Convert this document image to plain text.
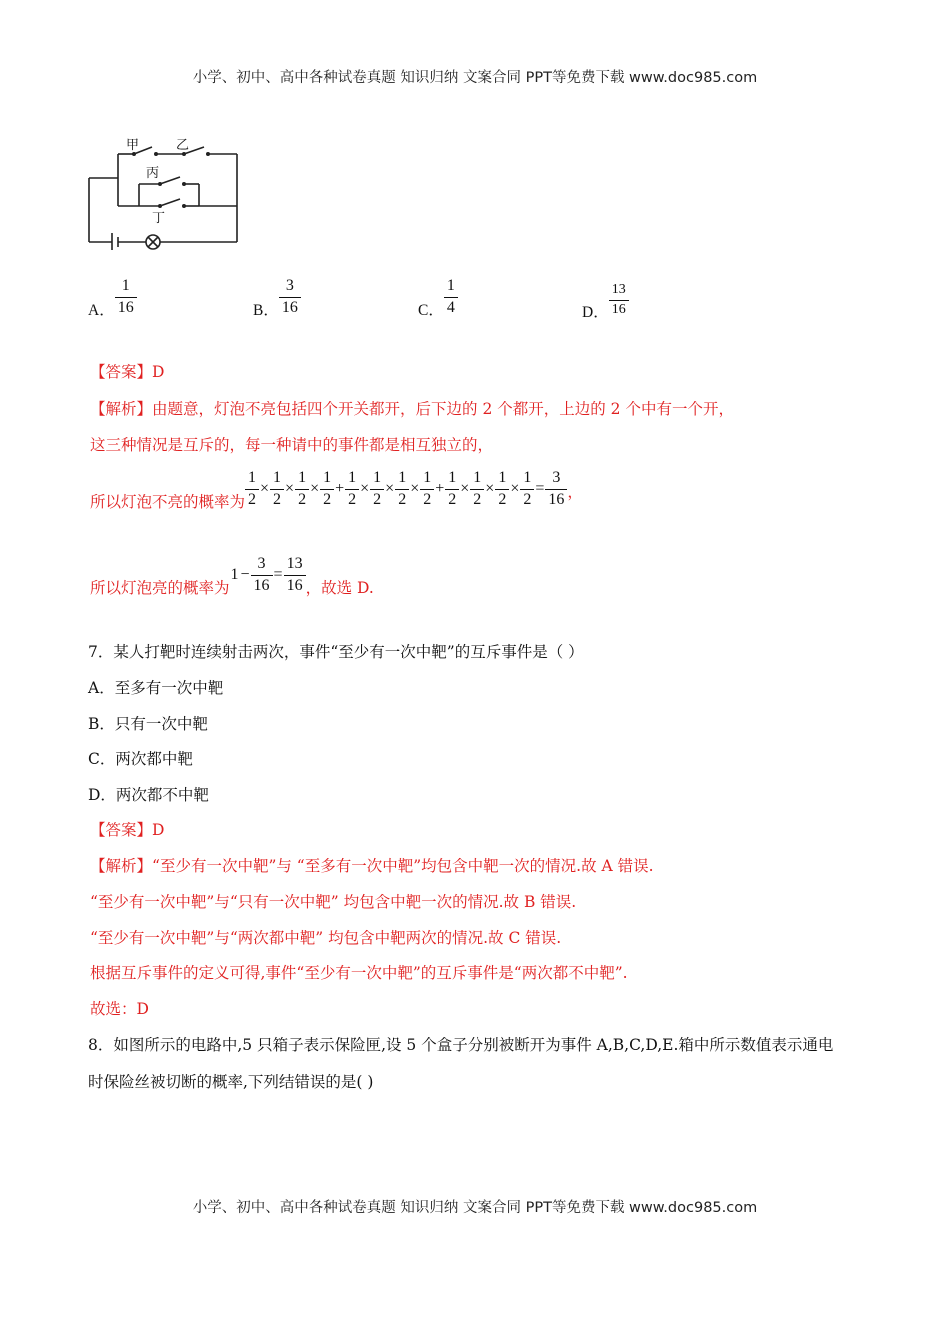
小学、初中、高中各种试卷真题 知识归纳 文案合同 PPT等免费下载 www.doc985.com
甲	乙
丙
丁
A． $\frac{1}{16}$	B． $\frac{3}{16}$	C． $\frac{1}{4}$	D． $\frac{13}{16}$
【答案】D
【解析】由题意，灯泡不亮包括四个开关都开，后下边的 2 个都开，上边的 2 个中有一个开，
这三种情况是互斥的，每一种请中的事件都是相互独立的，
所以灯泡不亮的概率为 $\frac{1}{2} \times \frac{1}{2} \times \frac{1}{2} \times \frac{1}{2} + \frac{1}{2} \times \frac{1}{2} \times \frac{1}{2} \times \frac{1}{2} + \frac{1}{2} \times \frac{1}{2} \times \frac{1}{2} \times \frac{1}{2} = \frac{3}{16}$ ，
所以灯泡亮的概率为
$1 - \frac{3}{16} = \frac{13}{16}$ ，故选 D.
7．某人打靶时连续射击两次，事件“至少有一次中靶”的互斥事件是（ ）
A．至多有一次中靶
B．只有一次中靶
C．两次都中靶
D．两次都不中靶
【答案】D
【解析】“至少有一次中靶”与 “至多有一次中靶”均包含中靶一次的情况.故 A 错误.
“至少有一次中靶”与“只有一次中靶” 均包含中靶一次的情况.故 B 错误.
“至少有一次中靶”与“两次都中靶” 均包含中靶两次的情况.故 C 错误.
根据互斥事件的定义可得,事件“至少有一次中靶”的互斥事件是“两次都不中靶”.
故选：D
8．如图所示的电路中,5 只箱子表示保险匣,设 5 个盒子分别被断开为事件 A,B,C,D,E.箱中所示数值表示通电
时保险丝被切断的概率,下列结错误的是( )
小学、初中、高中各种试卷真题 知识归纳 文案合同 PPT等免费下载 www.doc985.com
